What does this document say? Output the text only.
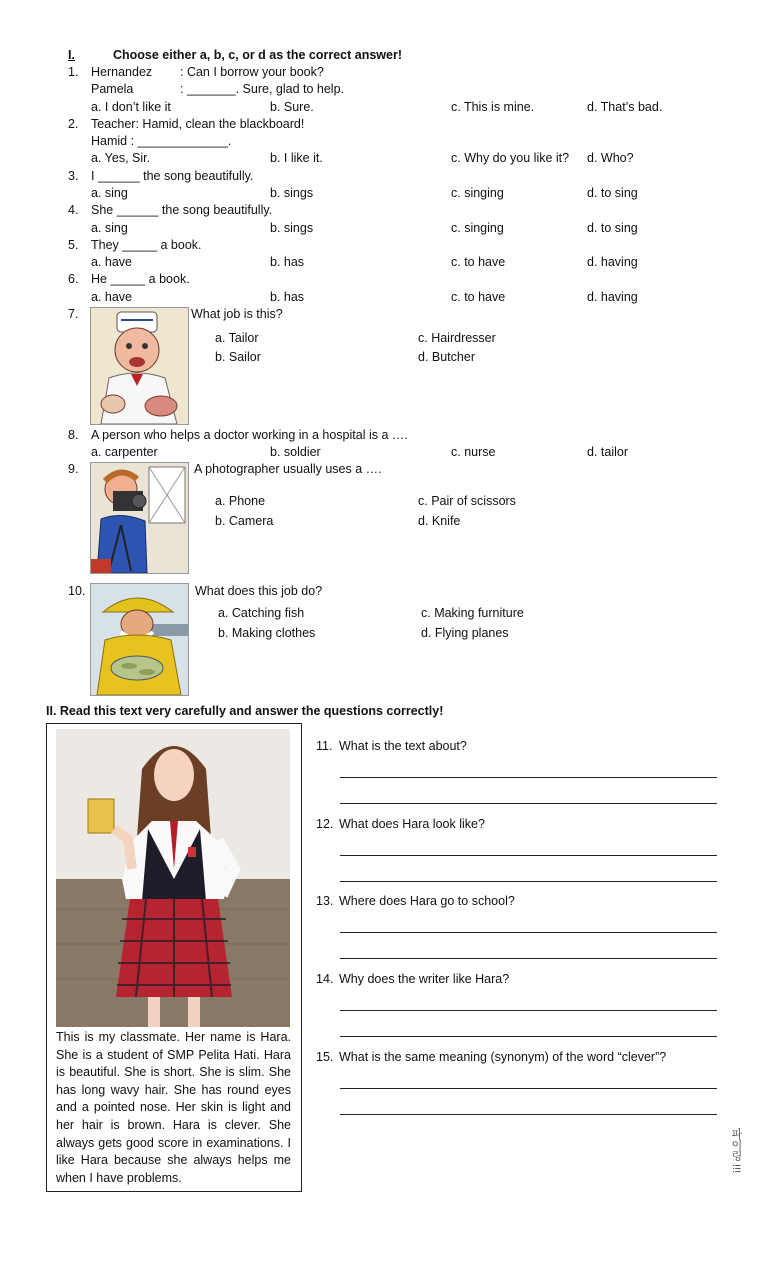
I.	Choose either a, b, c, or d as the correct answer!
1. Hernandez : Can I borrow your book?
Pamela	: _______. Sure, glad to help.
a. I don’t like it	b. Sure.	c. This is mine.	d. That’s bad.
2. Teacher: Hamid, clean the blackboard!
Hamid : _____________.
a. Yes, Sir.	b. I like it.	c. Why do you like it? d. Who?
3. I ______ the song beautifully.
a. sing	b. sings	c. singing	d. to sing
4. She ______ the song beautifully.
a. sing	b. sings	c. singing	d. to sing
5. They _____ a book.
a. have	b. has	c. to have	d. having
6. He _____ a book.
a. have	b. has	c. to have	d. having
7.	What job is this?
a. Tailor
b. Sailor
c. Hairdresser
d. Butcher
8. A person who helps a doctor working in a hospital is a ….
a. carpenter	b. soldier	c. nurse	d. tailor
9.	A photographer usually uses a ….
a. Phone
b. Camera
c. Pair of scissors
d. Knife
10.	What does this job do?
a. Catching fish
b. Making clothes
c. Making furniture
d. Flying planes
II. Read this text very carefully and answer the questions correctly!
This is my classmate. Her name is Hara. She is a student of SMP Pelita Hati. Hara is beautiful. She is short. She is slim. She has long wavy hair. She has round eyes and a pointed nose. Her skin is light and her hair is brown. Hara is clever. She always gets good score in examinations. I like Hara because she always helps me when I have problems.
11. What is the text about?
12. What does Hara look like?
13. Where does Hara go to school?
14. Why does the writer like Hara?
15. What is the same meaning (synonym) of the word “clever”?
파이링 !!!
